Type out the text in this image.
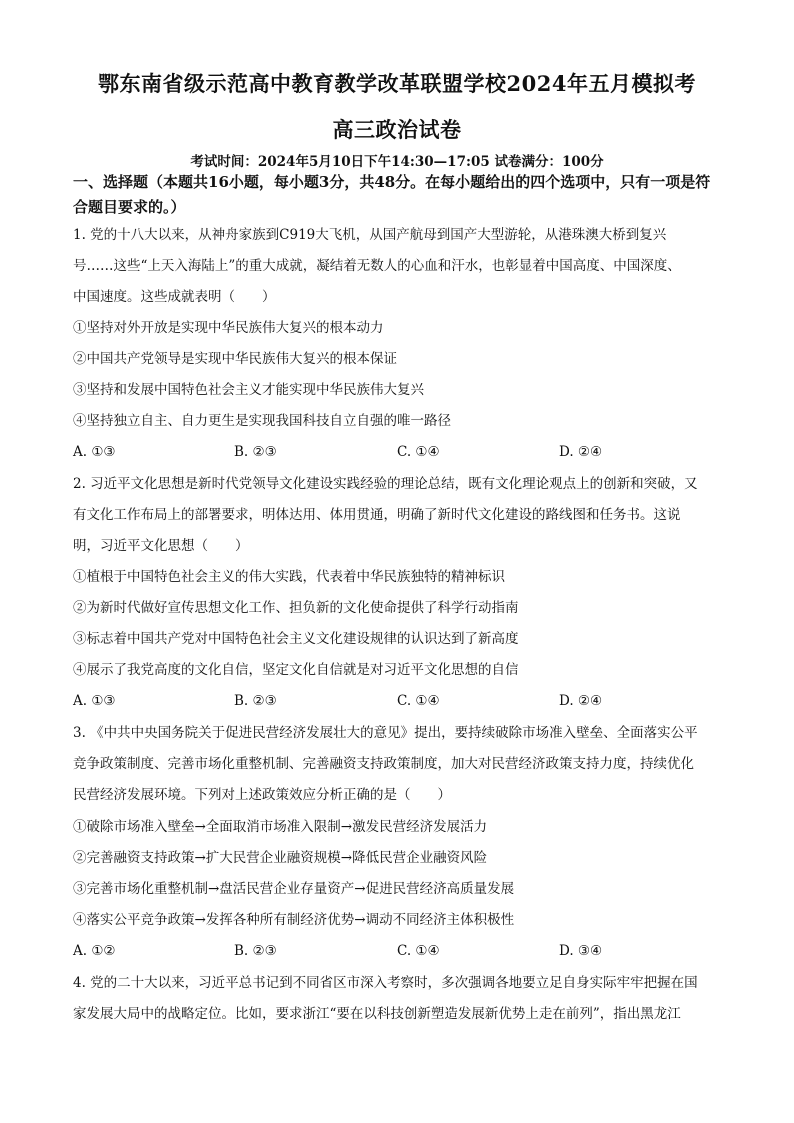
鄂东南省级示范高中教育教学改革联盟学校2024年五月模拟考
高三政治试卷
考试时间：2024年5月10日下午14:30—17:05 试卷满分：100分
一、选择题（本题共16小题，每小题3分，共48分。在每小题给出的四个选项中，只有一项是符合题目要求的。）
1. 党的十八大以来，从神舟家族到C919大飞机，从国产航母到国产大型游轮，从港珠澳大桥到复兴
号……这些“上天入海陆上”的重大成就，凝结着无数人的心血和汗水，也彰显着中国高度、中国深度、
中国速度。这些成就表明（　　）
①坚持对外开放是实现中华民族伟大复兴的根本动力
②中国共产党领导是实现中华民族伟大复兴的根本保证
③坚持和发展中国特色社会主义才能实现中华民族伟大复兴
④坚持独立自主、自力更生是实现我国科技自立自强的唯一路径
A. ①③	B. ②③	C. ①④	D. ②④
2. 习近平文化思想是新时代党领导文化建设实践经验的理论总结，既有文化理论观点上的创新和突破，又
有文化工作布局上的部署要求，明体达用、体用贯通，明确了新时代文化建设的路线图和任务书。这说
明，习近平文化思想（　　）
①植根于中国特色社会主义的伟大实践，代表着中华民族独特的精神标识
②为新时代做好宣传思想文化工作、担负新的文化使命提供了科学行动指南
③标志着中国共产党对中国特色社会主义文化建设规律的认识达到了新高度
④展示了我党高度的文化自信，坚定文化自信就是对习近平文化思想的自信
A. ①③	B. ②③	C. ①④	D. ②④
3. 《中共中央国务院关于促进民营经济发展壮大的意见》提出，要持续破除市场准入壁垒、全面落实公平
竞争政策制度、完善市场化重整机制、完善融资支持政策制度，加大对民营经济政策支持力度，持续优化
民营经济发展环境。下列对上述政策效应分析正确的是（　　）
①破除市场准入壁垒→全面取消市场准入限制→激发民营经济发展活力
②完善融资支持政策→扩大民营企业融资规模→降低民营企业融资风险
③完善市场化重整机制→盘活民营企业存量资产→促进民营经济高质量发展
④落实公平竞争政策→发挥各种所有制经济优势→调动不同经济主体积极性
A. ①②	B. ②③	C. ①④	D. ③④
4. 党的二十大以来，习近平总书记到不同省区市深入考察时，多次强调各地要立足自身实际牢牢把握在国
家发展大局中的战略定位。比如，要求浙江“要在以科技创新塑造发展新优势上走在前列”，指出黑龙江
